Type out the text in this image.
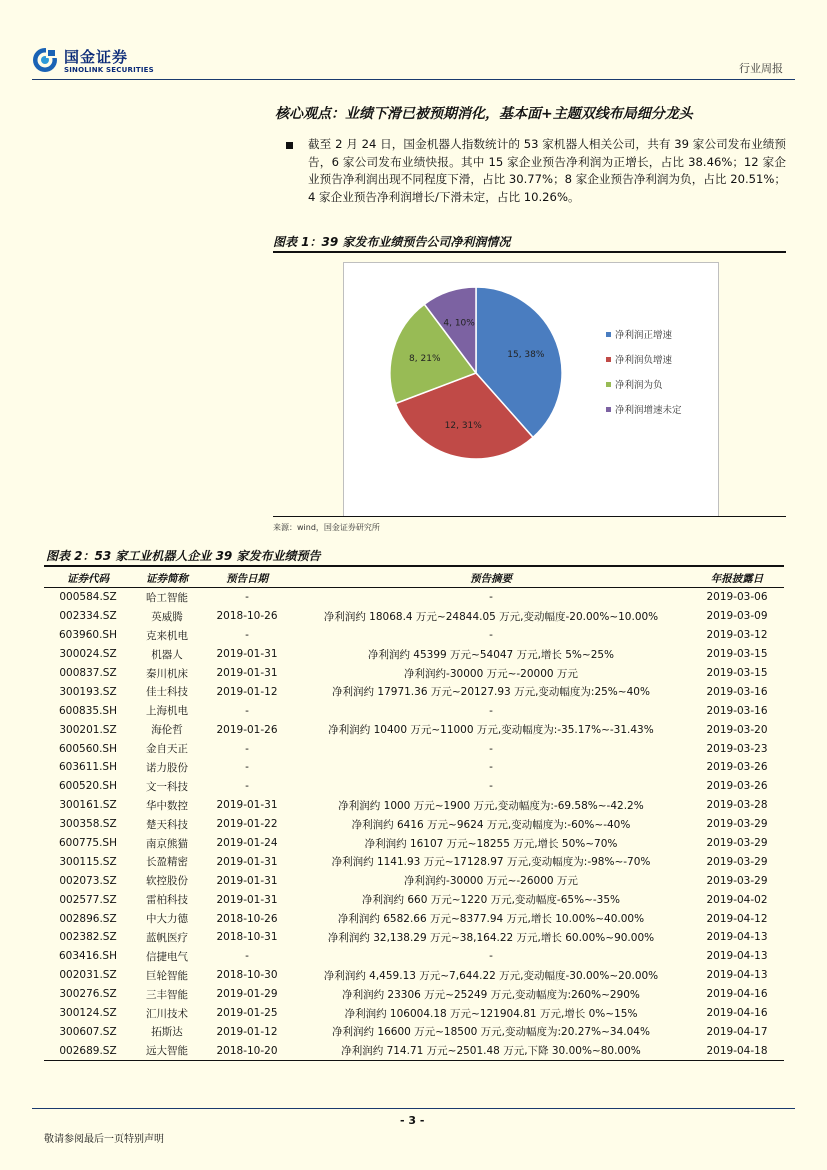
国金证券
SINOLINK SECURITIES	行业周报
核心观点：业绩下滑已被预期消化，基本面+主题双线布局细分龙头
截至 2 月 24 日，国金机器人指数统计的 53 家机器人相关公司，共有 39 家公司发布业绩预告，6 家公司发布业绩快报。其中 15 家企业预告净利润为正增长，占比 38.46%；12 家企业预告净利润出现不同程度下滑，占比 30.77%；8 家企业预告净利润为负，占比 20.51%；4 家企业预告净利润增长/下滑未定，占比 10.26%。
图表 1：39 家发布业绩预告公司净利润情况
15, 38%
12, 31%
8, 21%
4, 10%
净利润正增速
净利润负增速
净利润为负
净利润增速未定
来源：wind，国金证券研究所
图表 2：53 家工业机器人企业 39 家发布业绩预告
证券代码	证券简称	预告日期	预告摘要	年报披露日
000584.SZ	哈工智能	-	-	2019-03-06
002334.SZ	英威腾	2018-10-26	净利润约 18068.4 万元~24844.05 万元,变动幅度-20.00%~10.00%	2019-03-09
603960.SH	克来机电	-	-	2019-03-12
300024.SZ	机器人	2019-01-31	净利润约 45399 万元~54047 万元,增长 5%~25%	2019-03-15
000837.SZ	秦川机床	2019-01-31	净利润约-30000 万元~-20000 万元	2019-03-15
300193.SZ	佳士科技	2019-01-12	净利润约 17971.36 万元~20127.93 万元,变动幅度为:25%~40%	2019-03-16
600835.SH	上海机电	-	-	2019-03-16
300201.SZ	海伦哲	2019-01-26	净利润约 10400 万元~11000 万元,变动幅度为:-35.17%~-31.43%	2019-03-20
600560.SH	金自天正	-	-	2019-03-23
603611.SH	诺力股份	-	-	2019-03-26
600520.SH	文一科技	-	-	2019-03-26
300161.SZ	华中数控	2019-01-31	净利润约 1000 万元~1900 万元,变动幅度为:-69.58%~-42.2%	2019-03-28
300358.SZ	楚天科技	2019-01-22	净利润约 6416 万元~9624 万元,变动幅度为:-60%~-40%	2019-03-29
600775.SH	南京熊猫	2019-01-24	净利润约 16107 万元~18255 万元,增长 50%~70%	2019-03-29
300115.SZ	长盈精密	2019-01-31	净利润约 1141.93 万元~17128.97 万元,变动幅度为:-98%~-70%	2019-03-29
002073.SZ	软控股份	2019-01-31	净利润约-30000 万元~-26000 万元	2019-03-29
002577.SZ	雷柏科技	2019-01-31	净利润约 660 万元~1220 万元,变动幅度-65%~-35%	2019-04-02
002896.SZ	中大力德	2018-10-26	净利润约 6582.66 万元~8377.94 万元,增长 10.00%~40.00%	2019-04-12
002382.SZ	蓝帆医疗	2018-10-31	净利润约 32,138.29 万元~38,164.22 万元,增长 60.00%~90.00%	2019-04-13
603416.SH	信捷电气	-	-	2019-04-13
002031.SZ	巨轮智能	2018-10-30	净利润约 4,459.13 万元~7,644.22 万元,变动幅度-30.00%~20.00%	2019-04-13
300276.SZ	三丰智能	2019-01-29	净利润约 23306 万元~25249 万元,变动幅度为:260%~290%	2019-04-16
300124.SZ	汇川技术	2019-01-25	净利润约 106004.18 万元~121904.81 万元,增长 0%~15%	2019-04-16
300607.SZ	拓斯达	2019-01-12	净利润约 16600 万元~18500 万元,变动幅度为:20.27%~34.04%	2019-04-17
002689.SZ	远大智能	2018-10-20	净利润约 714.71 万元~2501.48 万元,下降 30.00%~80.00%	2019-04-18
- 3 -
敬请参阅最后一页特别声明
